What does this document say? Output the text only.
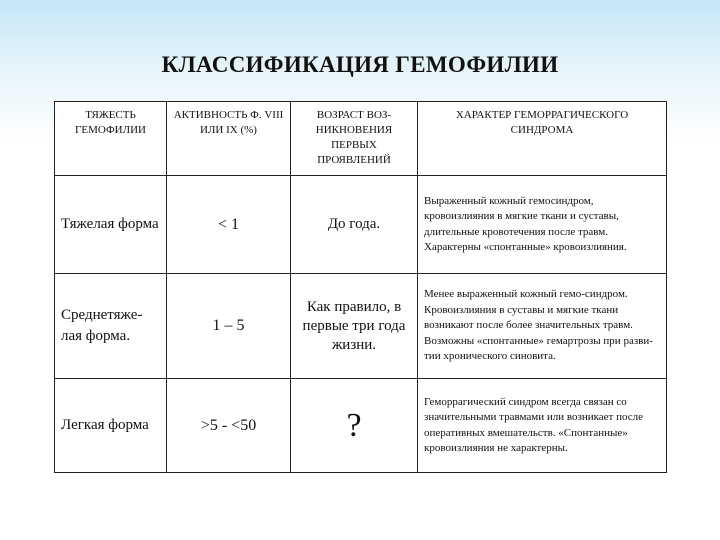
КЛАССИФИКАЦИЯ ГЕМОФИЛИИ
ТЯЖЕСТЬ ГЕМОФИЛИИ	АКТИВНОСТЬ Ф. VIII ИЛИ IX (%)	ВОЗРАСТ ВОЗ-НИКНОВЕНИЯ ПЕРВЫХ ПРОЯВЛЕНИЙ	ХАРАКТЕР ГЕМОРРАГИЧЕСКОГО СИНДРОМА
Тяжелая форма	< 1	До года.	Выраженный кожный гемосиндром, кровоизлияния в мягкие ткани и суставы, длительные кровотечения после травм. Характерны «спонтанные» кровоизлияния.
Среднетяже-лая форма.	1 – 5	Как правило, в первые три года жизни.	Менее выраженный кожный гемо-синдром. Кровоизлияния в суставы и мягкие ткани возникают после более значительных травм. Возможны «спонтанные» гемартрозы при разви-тии хронического синовита.
Легкая форма	>5 - <50	?	Геморрагический синдром всегда связан со значительными травмами или возникает после оперативных вмешательств. «Спонтанные» кровоизлияния не характерны.
